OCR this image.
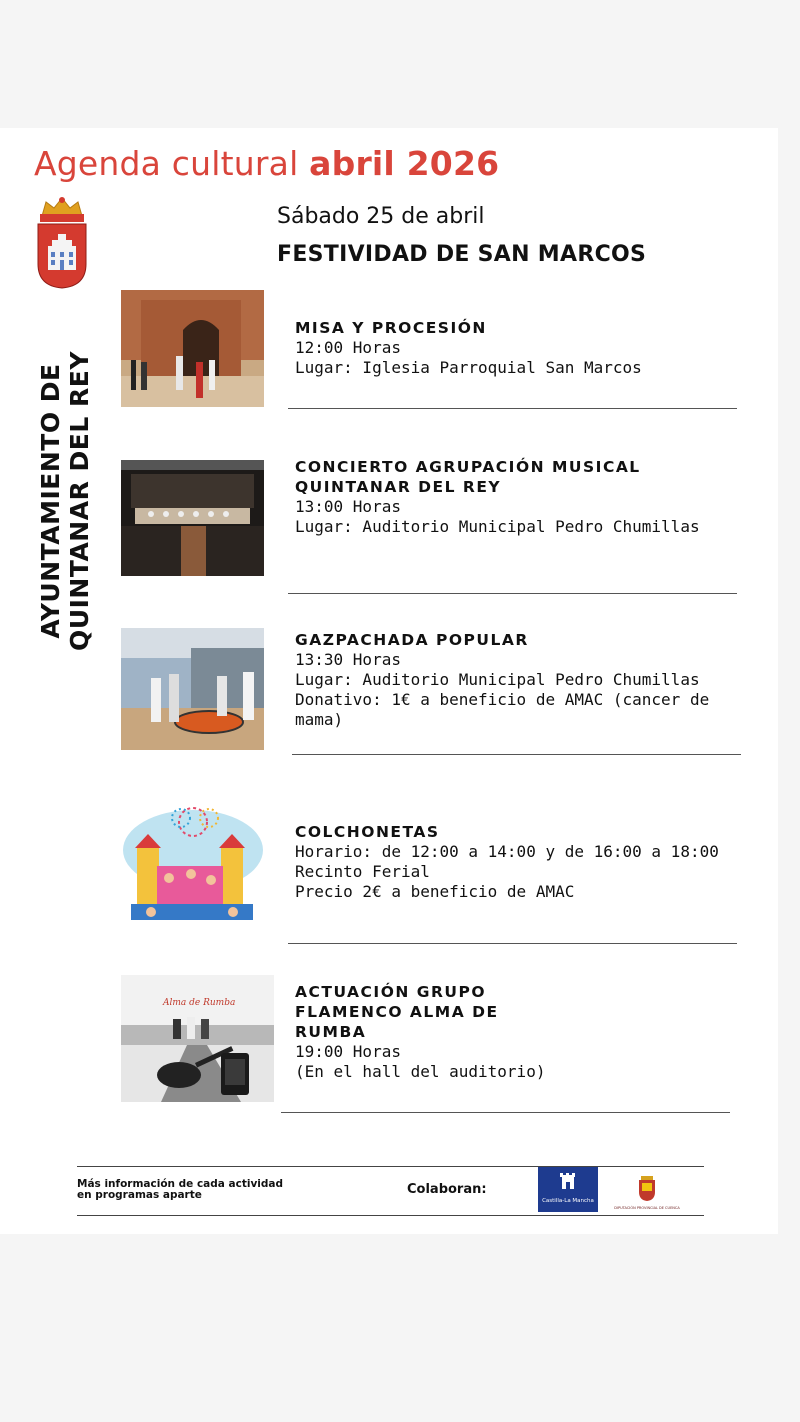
Agenda cultural abril 2026
AYUNTAMIENTO DE QUINTANAR DEL REY
Sábado 25 de abril
FESTIVIDAD DE SAN MARCOS
MISA Y PROCESIÓN
12:00 Horas
Lugar: Iglesia Parroquial San Marcos
CONCIERTO AGRUPACIÓN MUSICAL
QUINTANAR DEL REY
13:00 Horas
Lugar: Auditorio Municipal Pedro Chumillas
GAZPACHADA POPULAR
13:30 Horas
Lugar: Auditorio Municipal Pedro Chumillas
Donativo: 1€ a beneficio de AMAC (cancer de mama)
COLCHONETAS
Horario: de 12:00 a 14:00 y de 16:00 a 18:00
Recinto Ferial
Precio 2€ a beneficio de AMAC
Alma de Rumba
ACTUACIÓN GRUPO FLAMENCO ALMA DE RUMBA
19:00 Horas
(En el hall del auditorio)
Más información de cada actividad
en programas aparte	Colaboran:
Castilla-La Mancha
DIPUTACIÓN PROVINCIAL DE CUENCA
